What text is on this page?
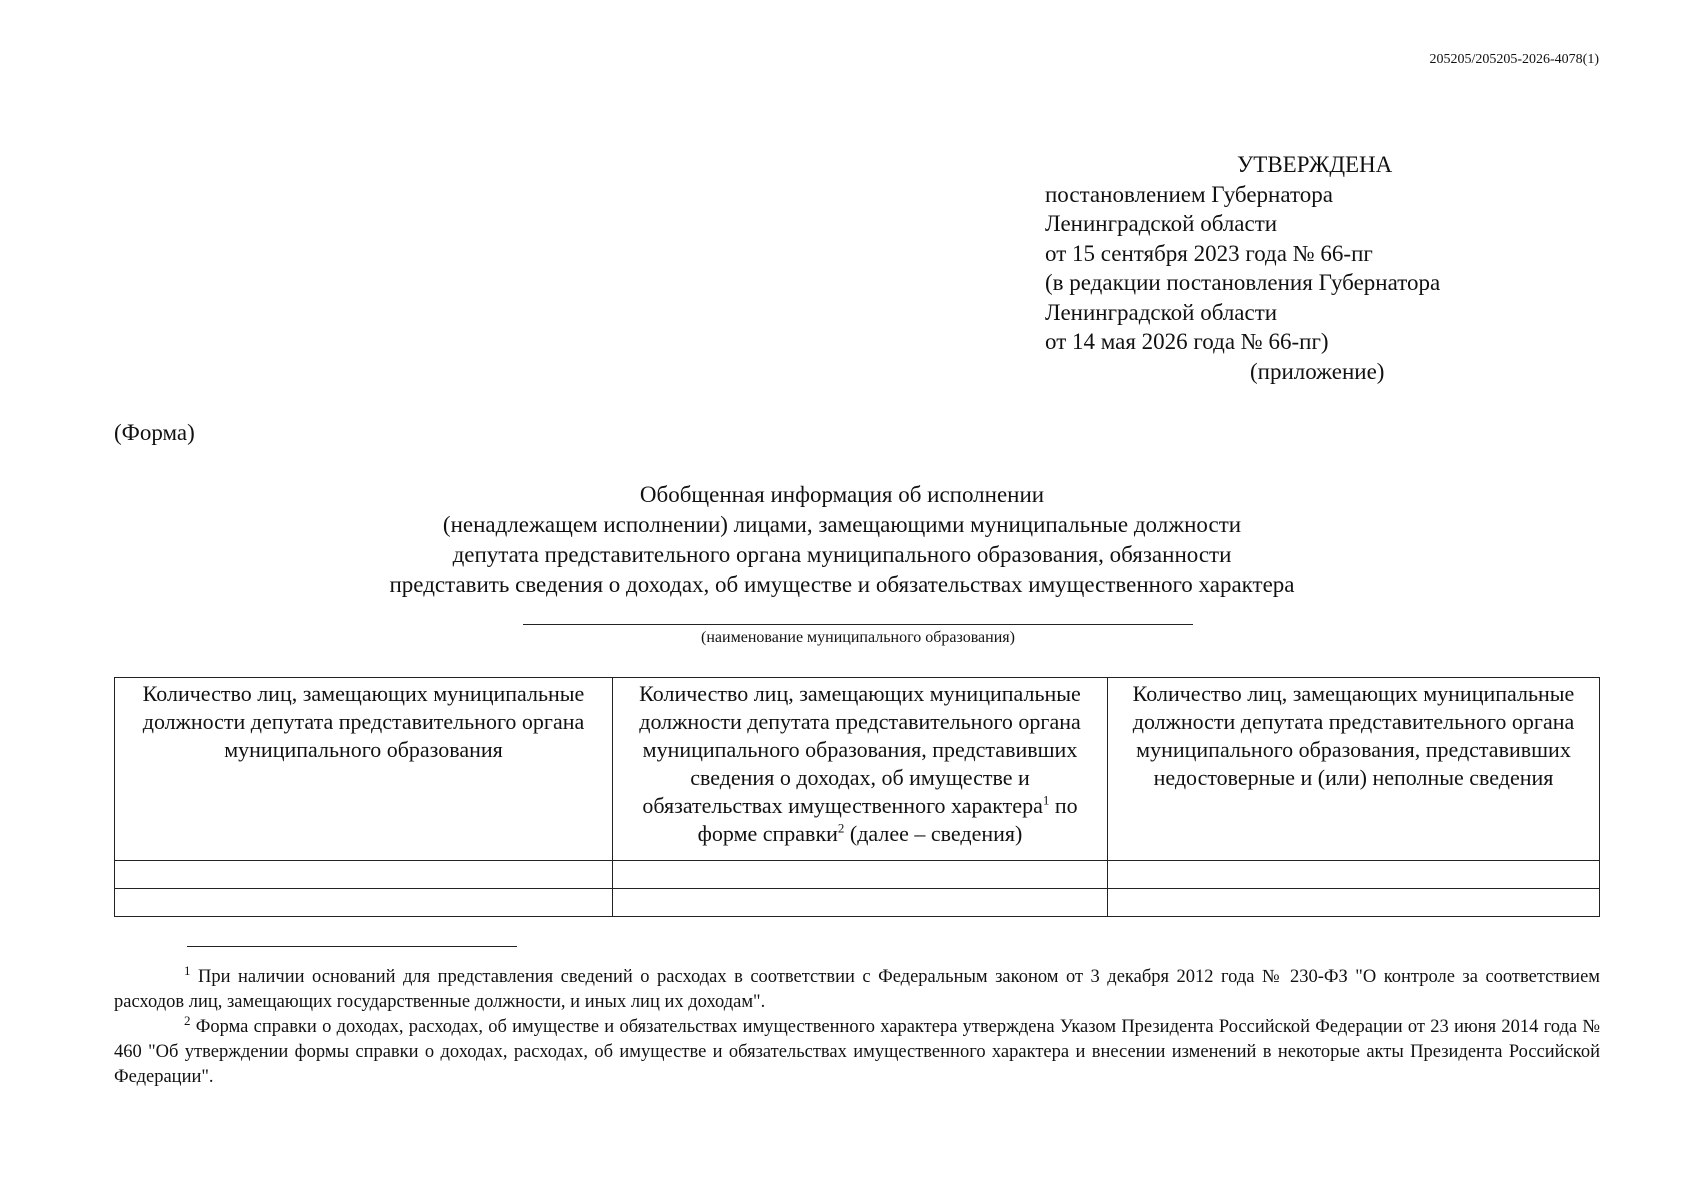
205205/205205-2026-4078(1)
УТВЕРЖДЕНА
постановлением Губернатора
Ленинградской области
от 15 сентября 2023 года № 66-пг
(в редакции постановления Губернатора
Ленинградской области
от 14 мая 2026 года № 66-пг)
(приложение)
(Форма)
Обобщенная информация об исполнении
(ненадлежащем исполнении) лицами, замещающими муниципальные должности
депутата представительного органа муниципального образования, обязанности
представить сведения о доходах, об имуществе и обязательствах имущественного характера
(наименование муниципального образования)
Количество лиц, замещающих муниципальные должности депутата представительного органа муниципального образования	Количество лиц, замещающих муниципальные должности депутата представительного органа муниципального образования, представивших сведения о доходах, об имуществе и обязательствах имущественного характера$^1$ по форме справки$^2$ (далее – сведения)	Количество лиц, замещающих муниципальные должности депутата представительного органа муниципального образования, представивших недостоверные и (или) неполные сведения

$^1$ При наличии оснований для представления сведений о расходах в соответствии с Федеральным законом от 3 декабря 2012 года № 230-ФЗ "О контроле за соответствием расходов лиц, замещающих государственные должности, и иных лиц их доходам".

$^2$ Форма справки о доходах, расходах, об имуществе и обязательствах имущественного характера утверждена Указом Президента Российской Федерации от 23 июня 2014 года № 460 "Об утверждении формы справки о доходах, расходах, об имуществе и обязательствах имущественного характера и внесении изменений в некоторые акты Президента Российской Федерации".
